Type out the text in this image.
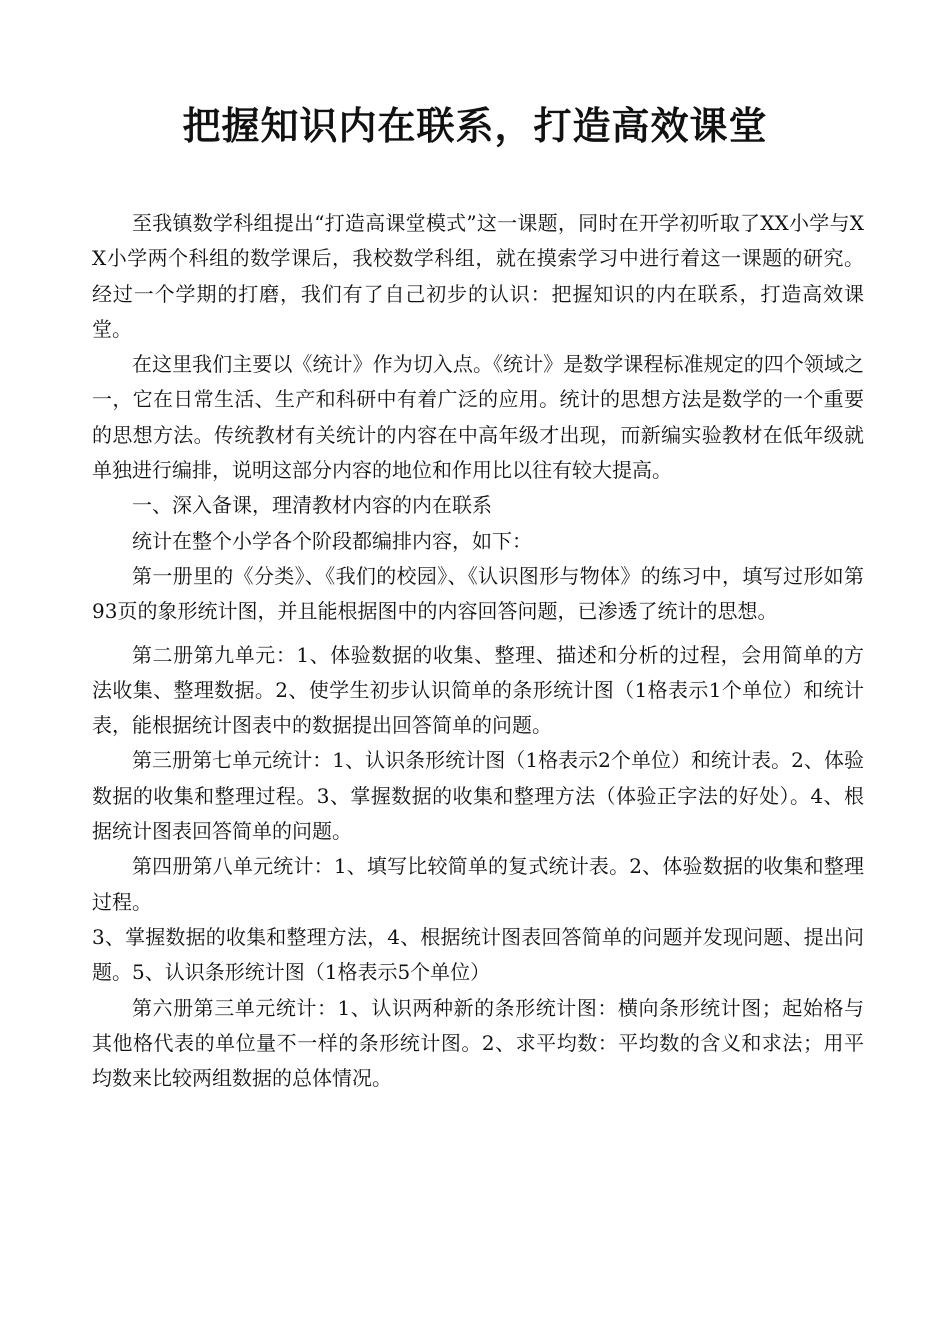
把握知识内在联系，打造高效课堂

至我镇数学科组提出“打造高课堂模式”这一课题，同时在开学初听取了XX小学与XX小学两个科组的数学课后，我校数学科组，就在摸索学习中进行着这一课题的研究。经过一个学期的打磨，我们有了自己初步的认识：把握知识的内在联系，打造高效课堂。

在这里我们主要以《统计》作为切入点。《统计》是数学课程标准规定的四个领域之一，它在日常生活、生产和科研中有着广泛的应用。统计的思想方法是数学的一个重要的思想方法。传统教材有关统计的内容在中高年级才出现，而新编实验教材在低年级就单独进行编排，说明这部分内容的地位和作用比以往有较大提高。

一、深入备课，理清教材内容的内在联系

统计在整个小学各个阶段都编排内容，如下：

第一册里的《分类》、《我们的校园》、《认识图形与物体》的练习中，填写过形如第93页的象形统计图，并且能根据图中的内容回答问题，已渗透了统计的思想。

第二册第九单元：1、体验数据的收集、整理、描述和分析的过程，会用简单的方法收集、整理数据。2、使学生初步认识简单的条形统计图（1格表示1个单位）和统计表，能根据统计图表中的数据提出回答简单的问题。

第三册第七单元统计：1、认识条形统计图（1格表示2个单位）和统计表。2、体验数据的收集和整理过程。3、掌握数据的收集和整理方法（体验正字法的好处）。4、根据统计图表回答简单的问题。

第四册第八单元统计：1、填写比较简单的复式统计表。2、体验数据的收集和整理过程。

3、掌握数据的收集和整理方法，4、根据统计图表回答简单的问题并发现问题、提出问题。5、认识条形统计图（1格表示5个单位）

第六册第三单元统计：1、认识两种新的条形统计图：横向条形统计图；起始格与其他格代表的单位量不一样的条形统计图。2、求平均数：平均数的含义和求法；用平均数来比较两组数据的总体情况。
